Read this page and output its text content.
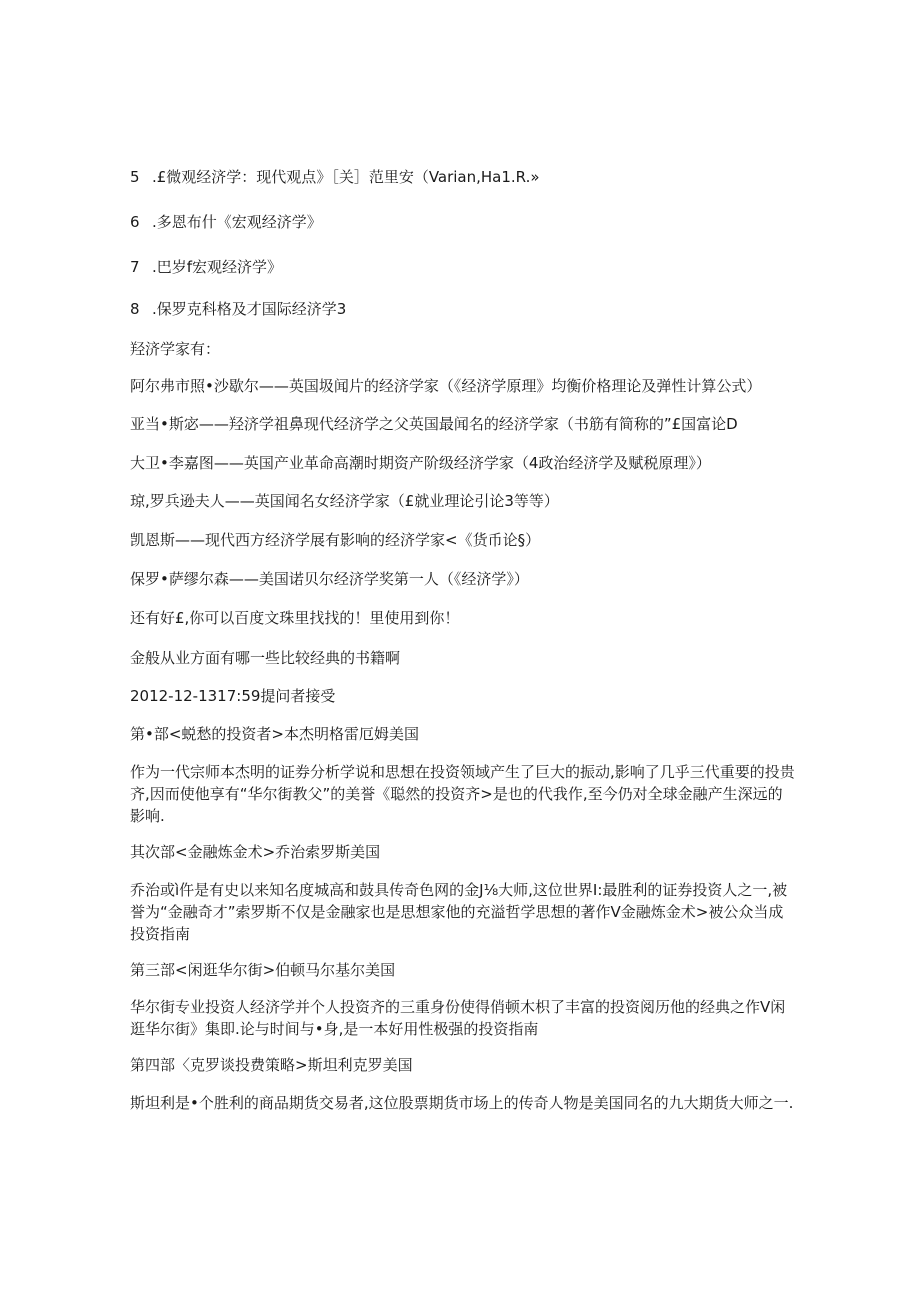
5 .£微观经济学：现代观点》［关］范里安（Varian,Ha1.R.»
6 .多恩布什《宏观经济学》
7 .巴岁f宏观经济学》
8 .保罗克科格及才国际经济学3
羟济学家有：
阿尔弗市照•沙歇尔——英国圾闻片的经济学家（《经济学原理》均衡价格理论及弹性计算公式）
亚当•斯宓——羟济学祖鼻现代经济学之父英国最闻名的经济学家（书筋有简称的”£国富论D
大卫•李嘉图——英国产业革命高潮时期资产阶级经济学家（4政治经济学及赋税原理》）
琼,罗兵逊夫人——英国闻名女经济学家（£就业理论引论3等等）
凯恩斯——现代西方经济学展有影响的经济学家<《货币论§）
保罗•萨缪尔森——美国诺贝尔经济学奖第一人（《经济学》）
还有好£,你可以百度文珠里找找的！里使用到你！
金般从业方面有哪一些比较经典的书籍啊
2012-12-1317:59提问者接受
第•部<蜕愁的投资者>本杰明格雷厄姆美国
作为一代宗师本杰明的证券分析学说和思想在投资领域产生了巨大的振动,影响了几乎三代重要的投贵齐,因而使他享有“华尔街教父”的美誉《聪然的投资齐>是也的代我作,至今仍对全球金融产生深远的影响.
其次部<金融炼金术>乔治索罗斯美国
乔治或ì仵是有史以来知名度城高和鼓具传奇色网的金J⅛大师,这位世界I:最胜利的证券投资人之一,被誉为“金融奇才”索罗斯不仅是金融家也是思想家他的充溢哲学思想的著作V金融炼金术>被公众当成投资指南
第三部<闲逛华尔街>伯顿马尔基尔美国
华尔街专业投资人经济学并个人投资齐的三重身份使得俏顿木枳了丰富的投资阅历他的经典之作V闲逛华尔街》集即.论与时间与•身,是一本好用性极强的投资指南
第四部〈克罗谈投费策略>斯坦利克罗美国
斯坦利是•个胜利的商品期货交易者,这位股票期货市场上的传奇人物是美国同名的九大期货大师之一.
